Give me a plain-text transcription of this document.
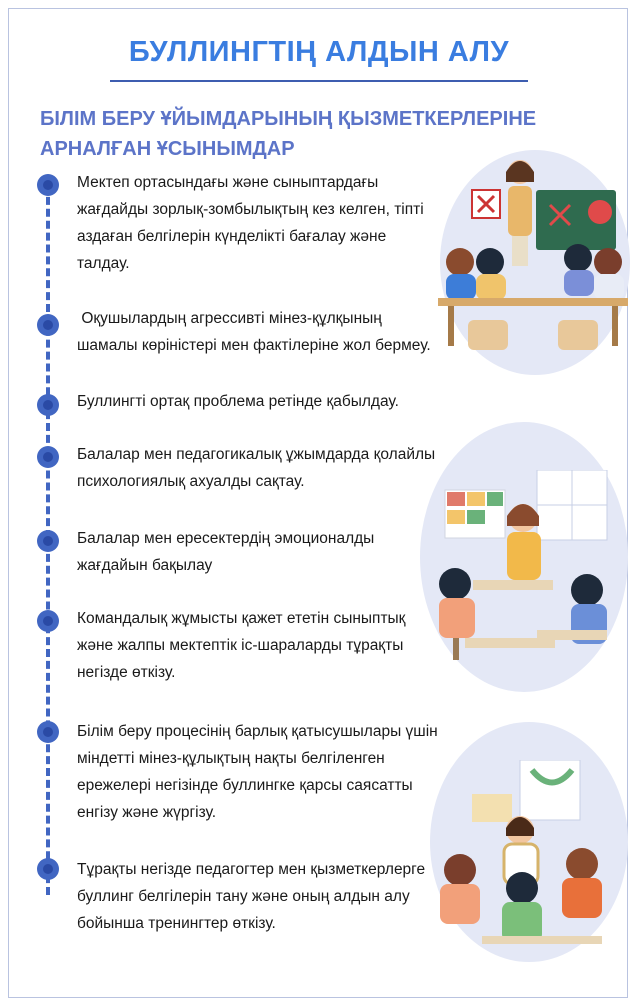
БУЛЛИНГТІҢ АЛДЫН АЛУ
БІЛІМ БЕРУ ҰЙЫМДАРЫНЫҢ ҚЫЗМЕТКЕРЛЕРІНЕ АРНАЛҒАН ҰСЫНЫМДАР
Мектеп ортасындағы және сыныптардағы жағдайды зорлық-зомбылықтың кез келген, тіпті аздаған белгілерін күнделікті бағалау және талдау.
Оқушылардың агрессивті мінез-құлқының шамалы көріністері мен фактілеріне жол бермеу.
Буллингті ортақ проблема ретінде қабылдау.
Балалар мен педагогикалық ұжымдарда қолайлы психологиялық ахуалды сақтау.
Балалар мен ересектердің эмоционалды жағдайын бақылау
Командалық жұмысты қажет ететін сыныптық және жалпы мектептік іс-шараларды тұрақты негізде өткізу.
Білім беру процесінің барлық қатысушылары үшін міндетті мінез-құлықтың нақты белгіленген ережелері негізінде буллингке қарсы саясатты енгізу және жүргізу.
Тұрақты негізде педагогтер мен қызметкерлерге буллинг белгілерін тану және оның алдын алу бойынша тренингтер өткізу.
